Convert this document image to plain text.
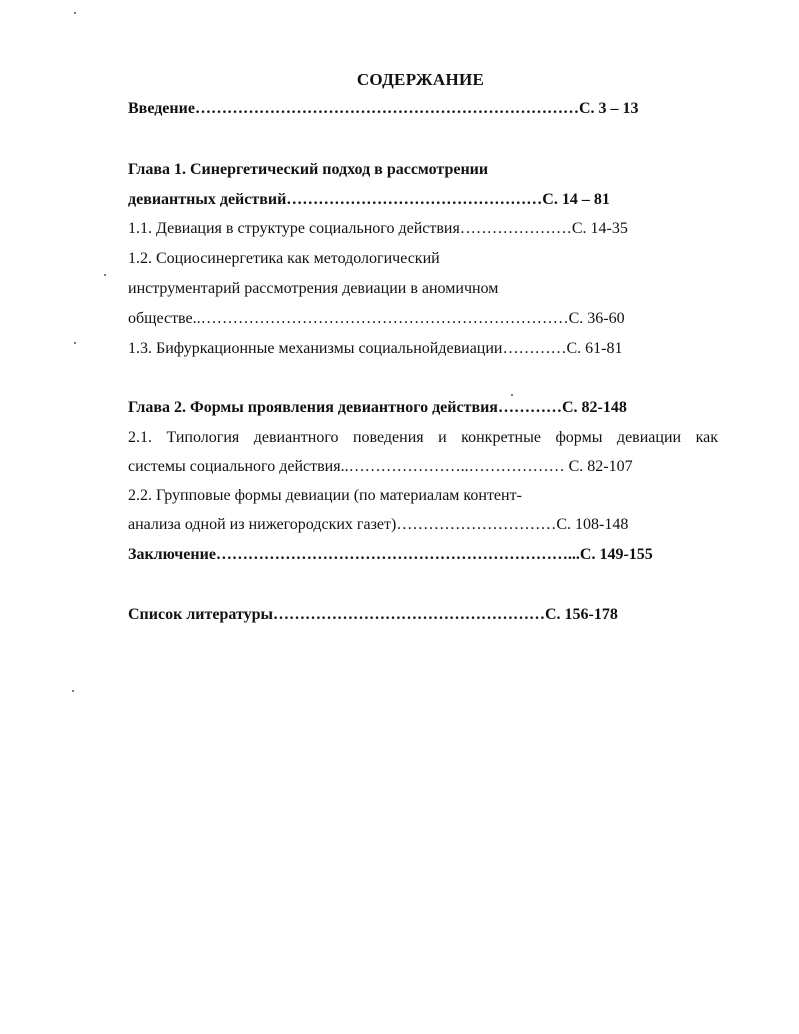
СОДЕРЖАНИЕ
Введение………………………………………………………………С. 3 – 13
Глава 1. Синергетический подход в рассмотрении
девиантных действий…………………………………………С. 14 – 81
1.1. Девиация в структуре социального действия…………………С. 14-35
1.2. Социосинергетика как методологический
инструментарий рассмотрения девиации в аномичном
обществе..……………………………………………………………С. 36-60
1.3. Бифуркационные механизмы социальнойдевиации…………С. 61-81
Глава 2. Формы проявления девиантного действия…………С. 82-148
2.1. Типология девиантного поведения и конкретные формы девиации как
системы социального действия..…………………..……………… С. 82-107
2.2. Групповые формы девиации (по материалам контент-
анализа одной из нижегородских газет)…………………………С. 108-148
Заключение…………………………………………………………...С. 149-155
Список литературы……………………………………………С. 156-178
